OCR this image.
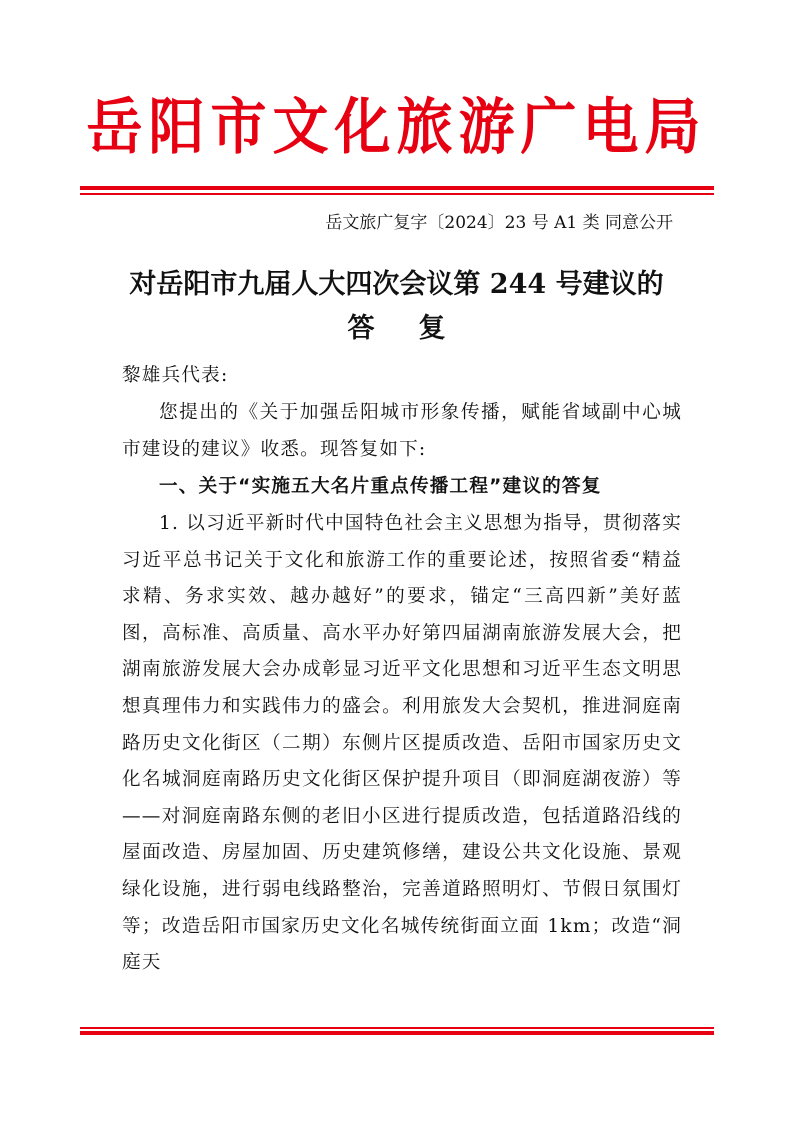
岳阳市文化旅游广电局
岳文旅广复字〔2024〕23 号 A1 类 同意公开
对岳阳市九届人大四次会议第 244 号建议的
答复
黎雄兵代表:
您提出的《关于加强岳阳城市形象传播，赋能省域副中心城市建设的建议》收悉。现答复如下:
一、关于“实施五大名片重点传播工程”建议的答复
1. 以习近平新时代中国特色社会主义思想为指导，贯彻落实习近平总书记关于文化和旅游工作的重要论述，按照省委“精益求精、务求实效、越办越好”的要求，锚定“三高四新”美好蓝图，高标准、高质量、高水平办好第四届湖南旅游发展大会，把湖南旅游发展大会办成彰显习近平文化思想和习近平生态文明思想真理伟力和实践伟力的盛会。利用旅发大会契机，推进洞庭南路历史文化街区（二期）东侧片区提质改造、岳阳市国家历史文化名城洞庭南路历史文化街区保护提升项目（即洞庭湖夜游）等——对洞庭南路东侧的老旧小区进行提质改造，包括道路沿线的屋面改造、房屋加固、历史建筑修缮，建设公共文化设施、景观绿化设施，进行弱电线路整治，完善道路照明灯、节假日氛围灯等；改造岳阳市国家历史文化名城传统街面立面 1km；改造“洞庭天
